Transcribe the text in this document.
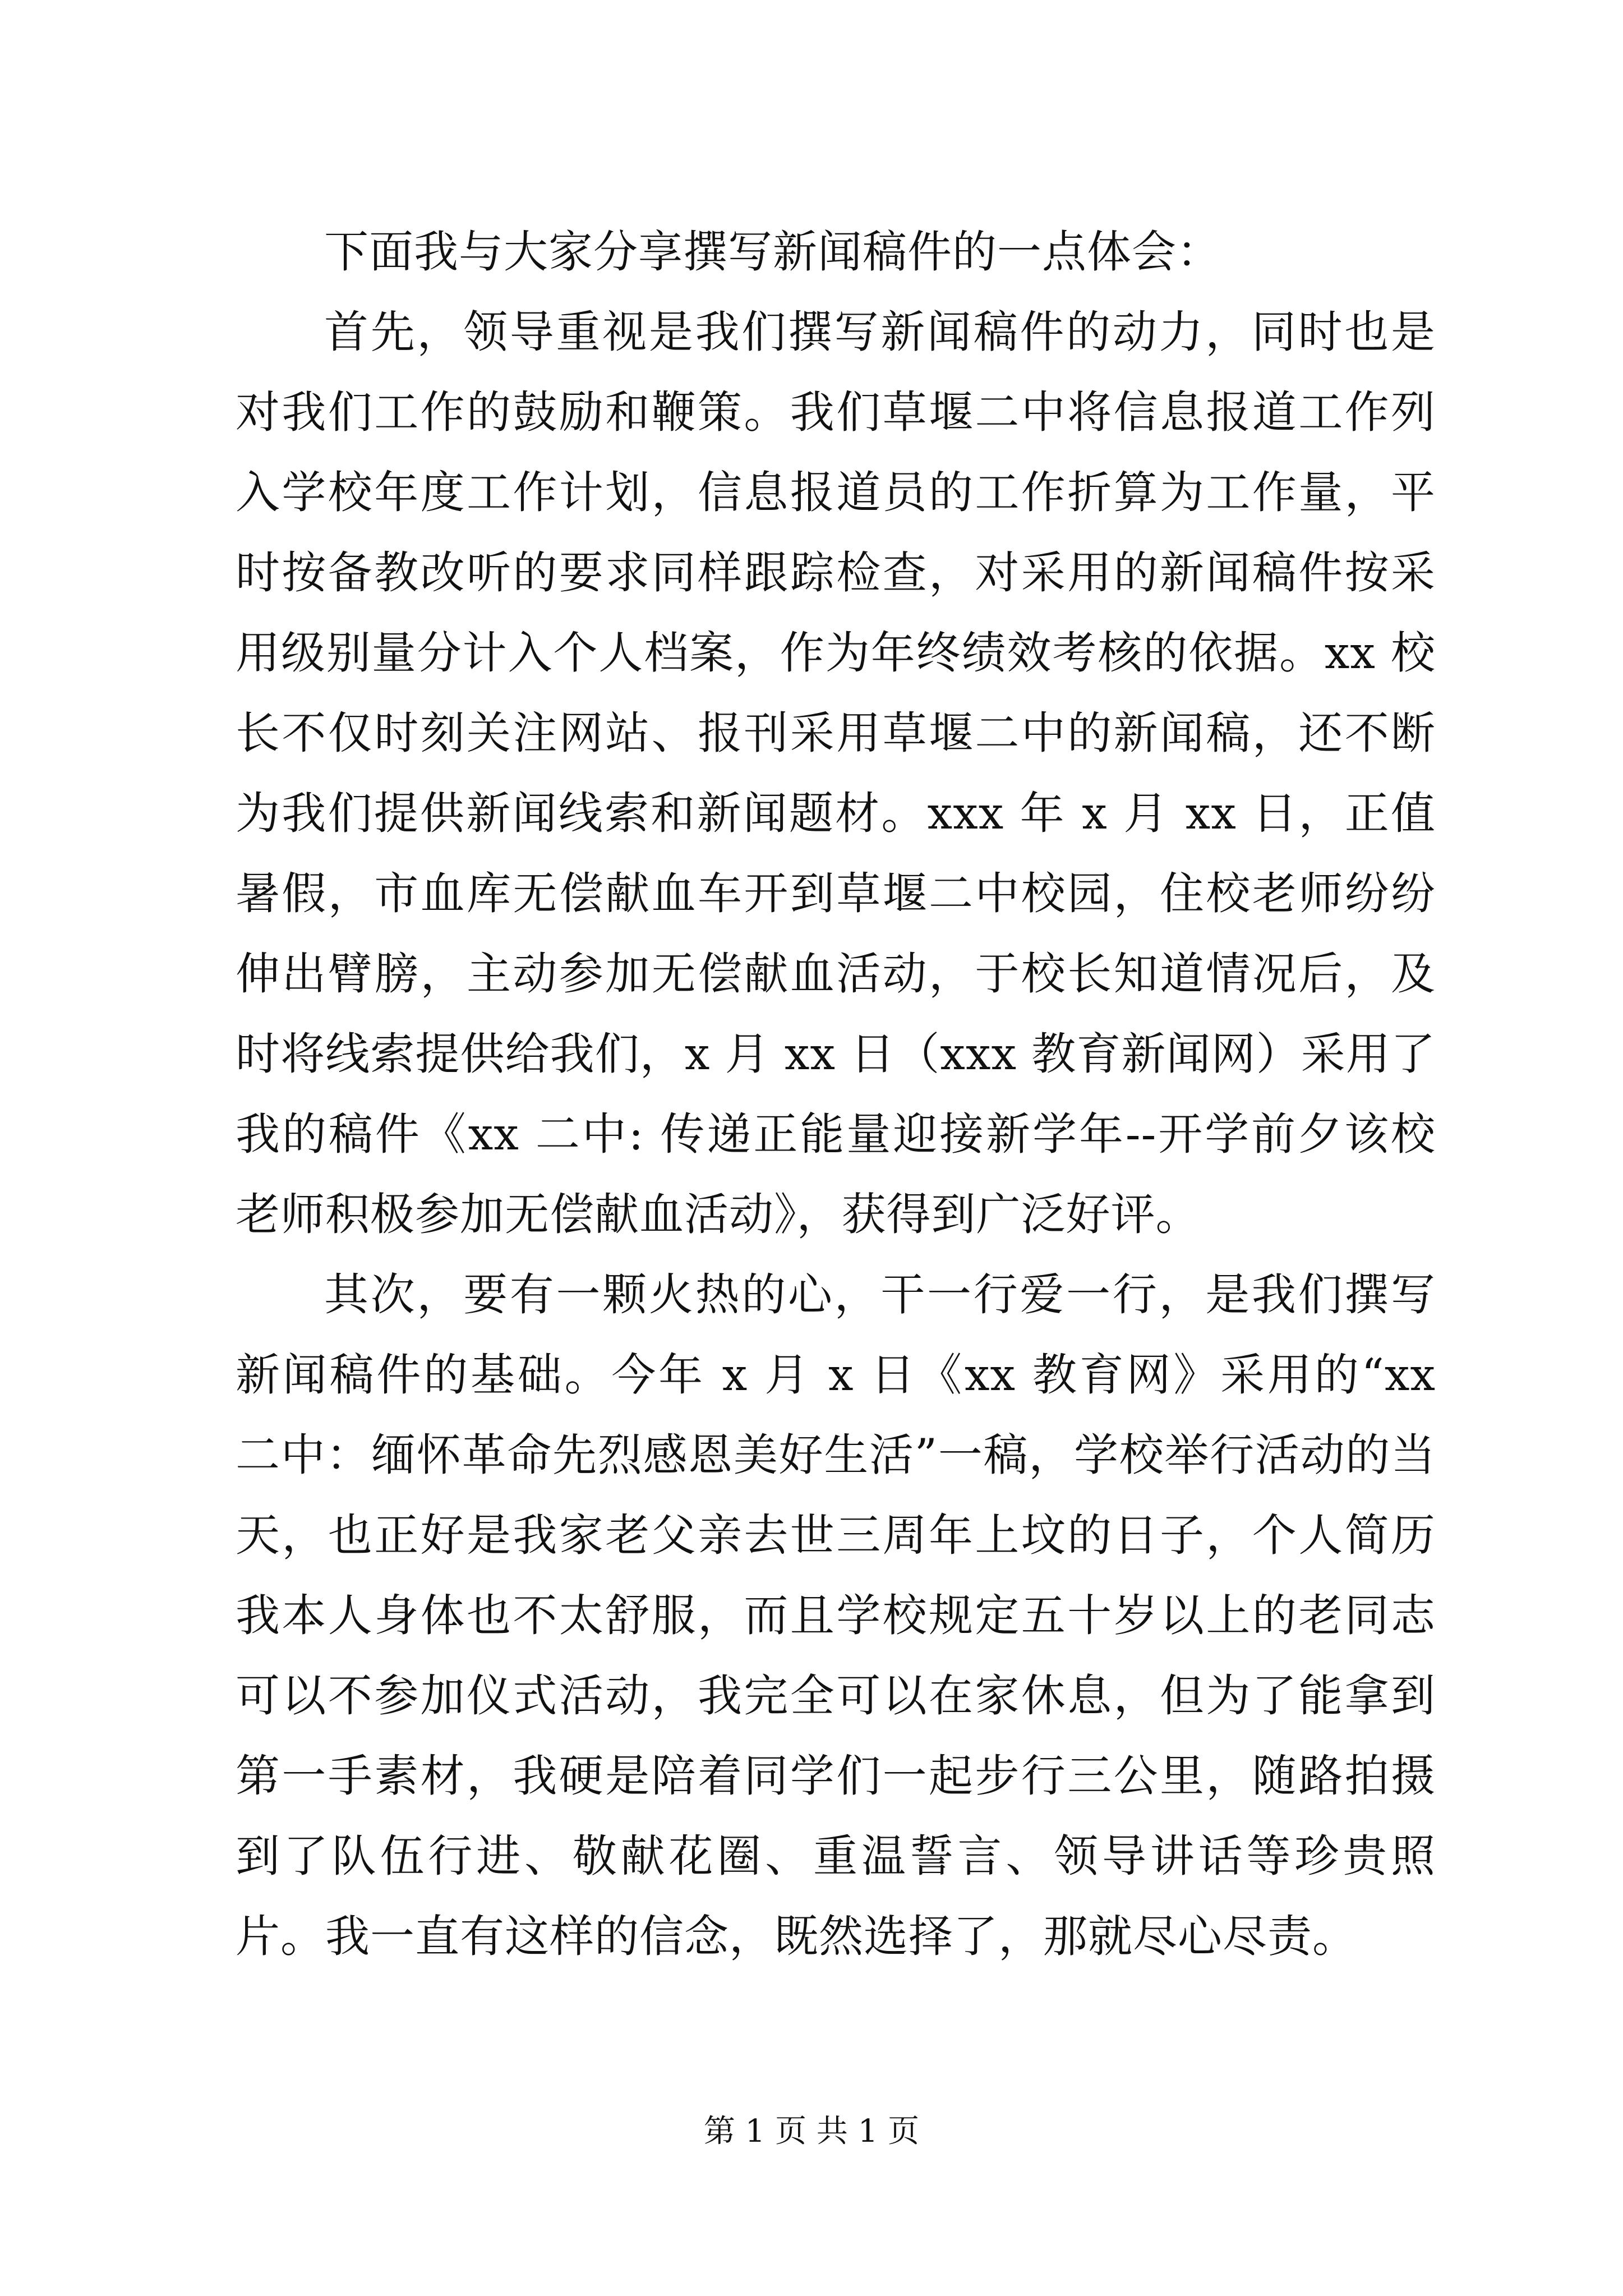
下面我与大家分享撰写新闻稿件的一点体会：

首先，领导重视是我们撰写新闻稿件的动力，同时也是对我们工作的鼓励和鞭策。我们草堰二中将信息报道工作列入学校年度工作计划，信息报道员的工作折算为工作量，平时按备教改听的要求同样跟踪检查，对采用的新闻稿件按采用级别量分计入个人档案，作为年终绩效考核的依据。xx 校长不仅时刻关注网站、报刊采用草堰二中的新闻稿，还不断为我们提供新闻线索和新闻题材。xxx 年 x 月 xx 日，正值暑假，市血库无偿献血车开到草堰二中校园，住校老师纷纷伸出臂膀，主动参加无偿献血活动，于校长知道情况后，及时将线索提供给我们，x 月 xx 日（xxx 教育新闻网）采用了我的稿件《xx 二中: 传递正能量迎接新学年--开学前夕该校老师积极参加无偿献血活动》，获得到广泛好评。

其次，要有一颗火热的心，干一行爱一行，是我们撰写新闻稿件的基础。今年 x 月 x 日《xx 教育网》采用的“xx 二中：缅怀革命先烈感恩美好生活”一稿，学校举行活动的当天，也正好是我家老父亲去世三周年上坟的日子，个人简历我本人身体也不太舒服，而且学校规定五十岁以上的老同志可以不参加仪式活动，我完全可以在家休息，但为了能拿到第一手素材，我硬是陪着同学们一起步行三公里，随路拍摄到了队伍行进、敬献花圈、重温誓言、领导讲话等珍贵照片。我一直有这样的信念，既然选择了，那就尽心尽责。

第 1 页 共 1 页
